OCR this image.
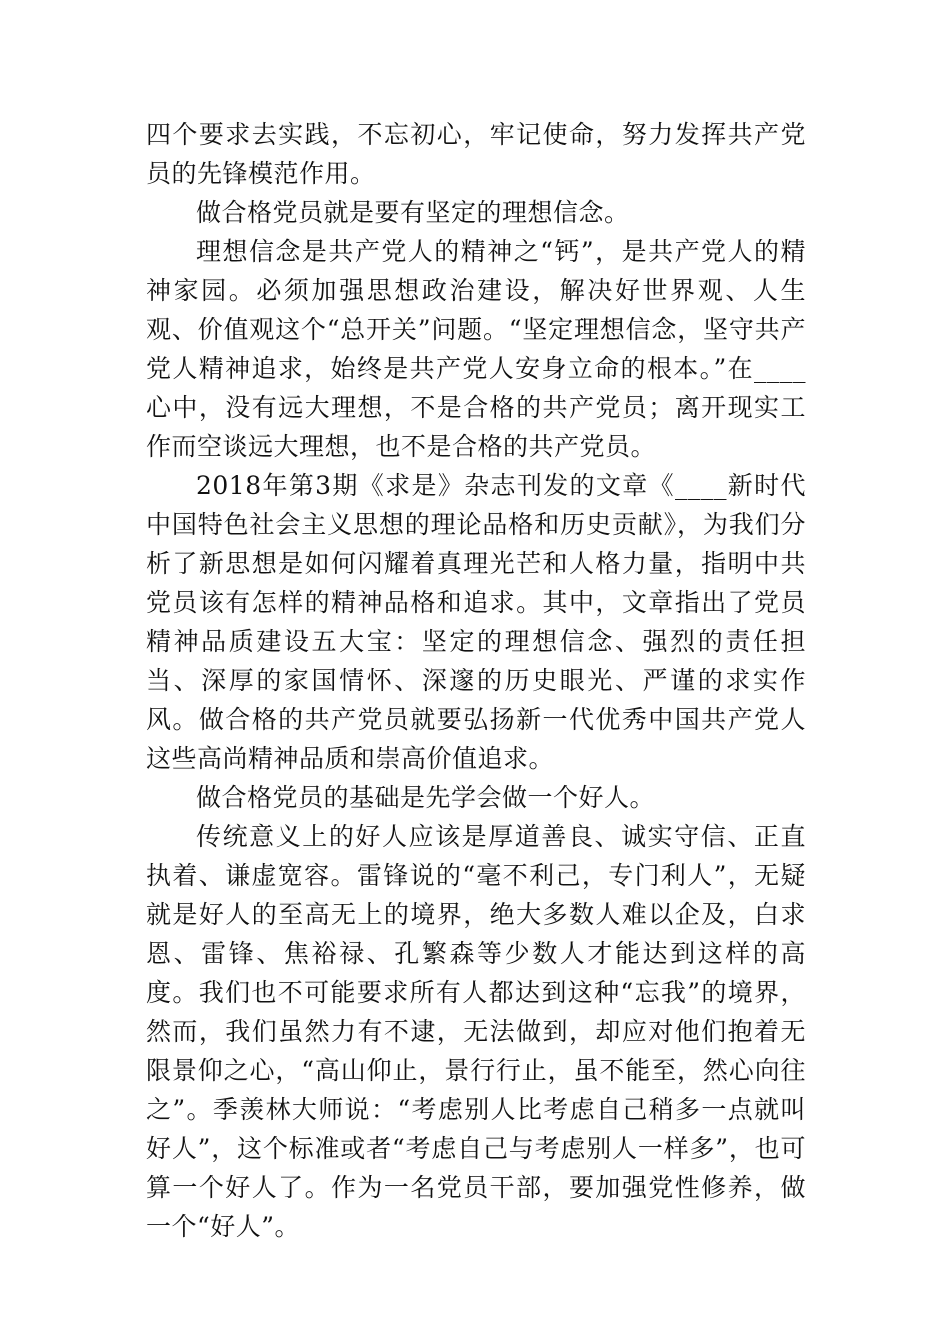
四个要求去实践，不忘初心，牢记使命，努力发挥共产党员的先锋模范作用。

做合格党员就是要有坚定的理想信念。

理想信念是共产党人的精神之“钙”，是共产党人的精神家园。必须加强思想政治建设，解决好世界观、人生观、价值观这个“总开关”问题。“坚定理想信念，坚守共产党人精神追求，始终是共产党人安身立命的根本。”在____心中，没有远大理想，不是合格的共产党员；离开现实工作而空谈远大理想，也不是合格的共产党员。

2018年第3期《求是》杂志刊发的文章《____新时代中国特色社会主义思想的理论品格和历史贡献》，为我们分析了新思想是如何闪耀着真理光芒和人格力量，指明中共党员该有怎样的精神品格和追求。其中，文章指出了党员精神品质建设五大宝：坚定的理想信念、强烈的责任担当、深厚的家国情怀、深邃的历史眼光、严谨的求实作风。做合格的共产党员就要弘扬新一代优秀中国共产党人这些高尚精神品质和崇高价值追求。

做合格党员的基础是先学会做一个好人。

传统意义上的好人应该是厚道善良、诚实守信、正直执着、谦虚宽容。雷锋说的“毫不利己，专门利人”，无疑就是好人的至高无上的境界，绝大多数人难以企及，白求恩、雷锋、焦裕禄、孔繁森等少数人才能达到这样的高度。我们也不可能要求所有人都达到这种“忘我”的境界，然而，我们虽然力有不逮，无法做到，却应对他们抱着无限景仰之心，“高山仰止，景行行止，虽不能至，然心向往之”。季羡林大师说：“考虑别人比考虑自己稍多一点就叫好人”，这个标准或者“考虑自己与考虑别人一样多”，也可算一个好人了。作为一名党员干部，要加强党性修养，做一个“好人”。
